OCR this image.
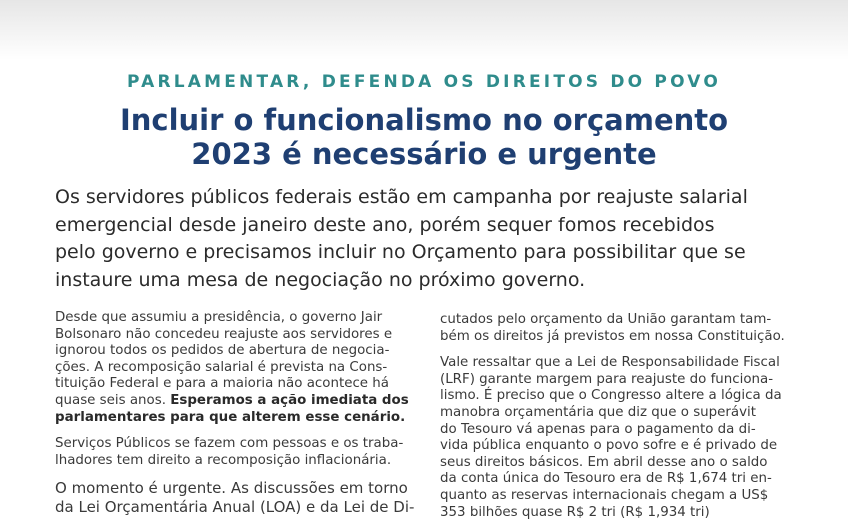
PARLAMENTAR, DEFENDA OS DIREITOS DO POVO
Incluir o funcionalismo no orçamento
2023 é necessário e urgente
Os servidores públicos federais estão em campanha por reajuste salarial
emergencial desde janeiro deste ano, porém sequer fomos recebidos
pelo governo e precisamos incluir no Orçamento para possibilitar que se
instaure uma mesa de negociação no próximo governo.
Desde que assumiu a presidência, o governo Jair
Bolsonaro não concedeu reajuste aos servidores e
ignorou todos os pedidos de abertura de negocia-
ções. A recomposição salarial é prevista na Cons-
tituição Federal e para a maioria não acontece há
quase seis anos. Esperamos a ação imediata dos
parlamentares para que alterem esse cenário.
Serviços Públicos se fazem com pessoas e os traba-
lhadores tem direito a recomposição inflacionária.
O momento é urgente. As discussões em torno
da Lei Orçamentária Anual (LOA) e da Lei de Di-
cutados pelo orçamento da União garantam tam-
bém os direitos já previstos em nossa Constituição.
Vale ressaltar que a Lei de Responsabilidade Fiscal
(LRF) garante margem para reajuste do funciona-
lismo. É preciso que o Congresso altere a lógica da
manobra orçamentária que diz que o superávit
do Tesouro vá apenas para o pagamento da di-
vida pública enquanto o povo sofre e é privado de
seus direitos básicos. Em abril desse ano o saldo
da conta única do Tesouro era de R$ 1,674 tri en-
quanto as reservas internacionais chegam a US$
353 bilhões quase R$ 2 tri (R$ 1,934 tri)
